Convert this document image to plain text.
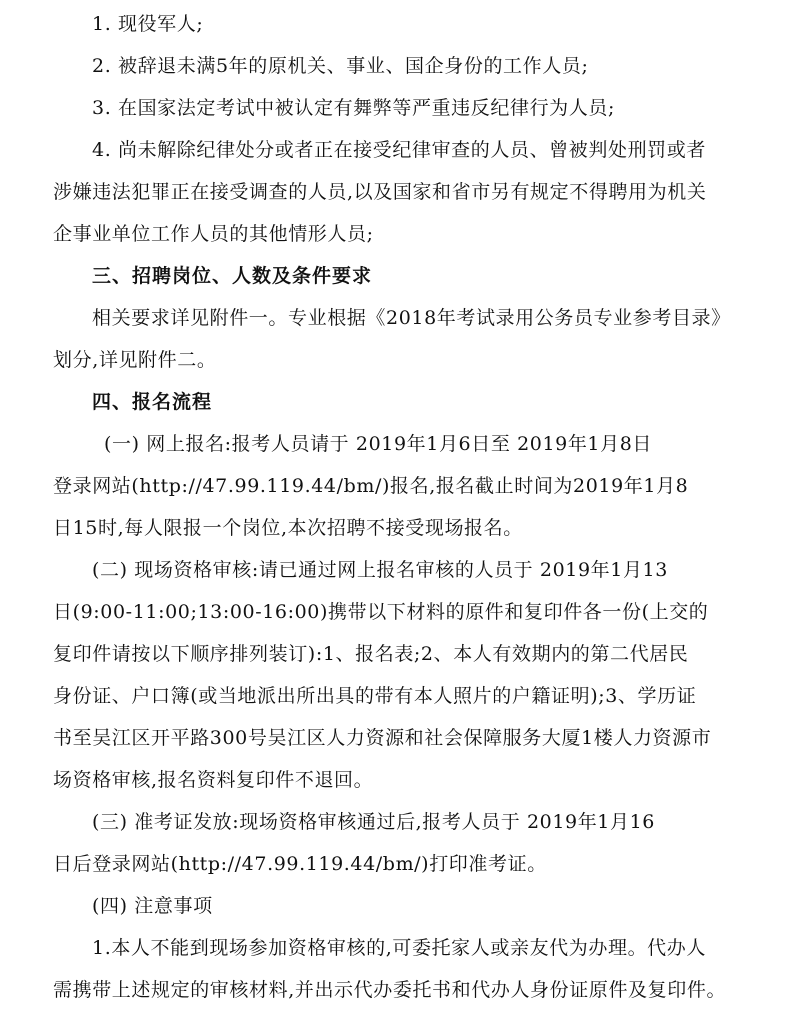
1. 现役军人;
2. 被辞退未满5年的原机关、事业、国企身份的工作人员;
3. 在国家法定考试中被认定有舞弊等严重违反纪律行为人员;
4. 尚未解除纪律处分或者正在接受纪律审查的人员、曾被判处刑罚或者
涉嫌违法犯罪正在接受调查的人员,以及国家和省市另有规定不得聘用为机关
企事业单位工作人员的其他情形人员;
三、招聘岗位、人数及条件要求
相关要求详见附件一。专业根据《2018年考试录用公务员专业参考目录》
划分,详见附件二。
四、报名流程
(一) 网上报名:报考人员请于 2019年1月6日至 2019年1月8日
登录网站(http://47.99.119.44/bm/)报名,报名截止时间为2019年1月8
日15时,每人限报一个岗位,本次招聘不接受现场报名。
(二) 现场资格审核:请已通过网上报名审核的人员于 2019年1月13
日(9:00-11:00;13:00-16:00)携带以下材料的原件和复印件各一份(上交的
复印件请按以下顺序排列装订):1、报名表;2、本人有效期内的第二代居民
身份证、户口簿(或当地派出所出具的带有本人照片的户籍证明);3、学历证
书至吴江区开平路300号吴江区人力资源和社会保障服务大厦1楼人力资源市
场资格审核,报名资料复印件不退回。
(三) 准考证发放:现场资格审核通过后,报考人员于 2019年1月16
日后登录网站(http://47.99.119.44/bm/)打印准考证。
(四) 注意事项
1.本人不能到现场参加资格审核的,可委托家人或亲友代为办理。代办人
需携带上述规定的审核材料,并出示代办委托书和代办人身份证原件及复印件。
